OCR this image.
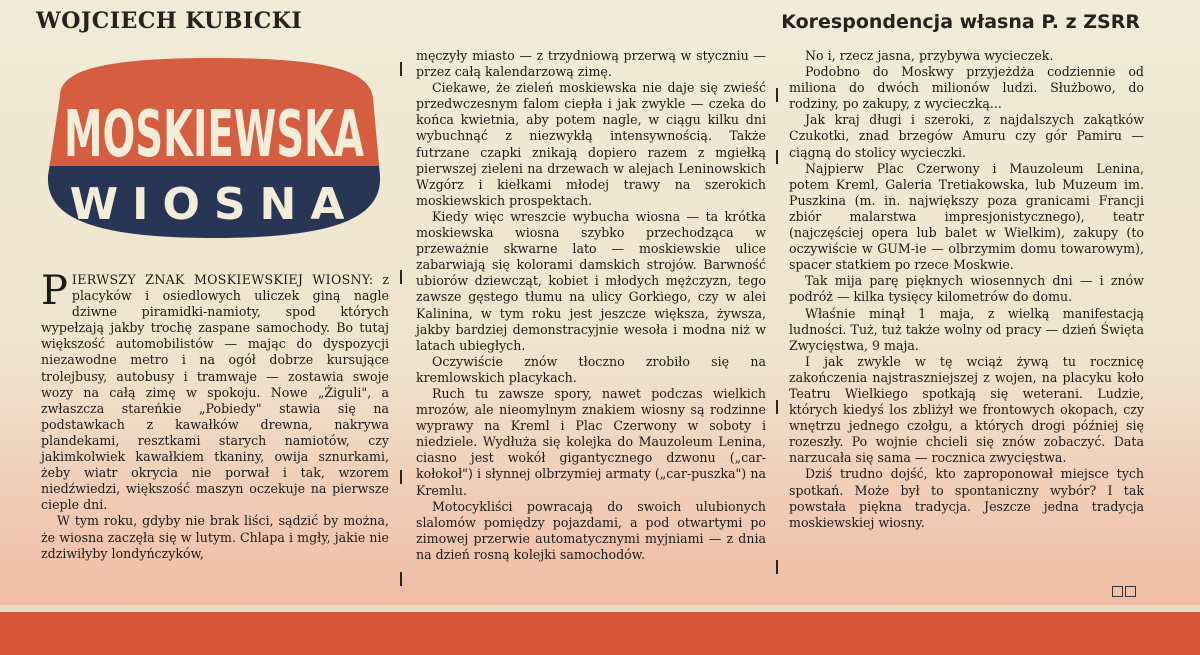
WOJCIECH KUBICKI	Korespondencja własna P. z ZSRR
MOSKIEWSKA
WIOSNA

PIERWSZY ZNAK MOSKIEWSKIEJ WIOSNY: z placyków i osiedlowych uliczek giną nagle dziwne piramidki-namioty, spod których wypełzają jakby trochę zaspane samochody. Bo tutaj większość automobilistów — mając do dyspozycji niezawodne metro i na ogół dobrze kursujące trolejbusy, autobusy i tramwaje — zostawia swoje wozy na całą zimę w spokoju. Nowe „Żiguli", a zwłaszcza stareńkie „Pobiedy" stawia się na podstawkach z kawałków drewna, nakrywa plandekami, resztkami starych namiotów, czy jakimkolwiek kawałkiem tkaniny, owija sznurkami, żeby wiatr okrycia nie porwał i tak, wzorem niedźwiedzi, większość maszyn oczekuje na pierwsze cieple dni.

W tym roku, gdyby nie brak liści, sądzić by można, że wiosna zaczęła się w lutym. Chlapa i mgły, jakie nie zdziwiłyby londyńczyków,

męczyły miasto — z trzydniową przerwą w styczniu — przez całą kalendarzową zimę.

Ciekawe, że zieleń moskiewska nie daje się zwieść przedwczesnym falom ciepła i jak zwykle — czeka do końca kwietnia, aby potem nagle, w ciągu kilku dni wybuchnąć z niezwykłą intensywnością. Także futrzane czapki znikają dopiero razem z mgiełką pierwszej zieleni na drzewach w alejach Leninowskich Wzgórz i kiełkami młodej trawy na szerokich moskiewskich prospektach.

Kiedy więc wreszcie wybucha wiosna — ta krótka moskiewska wiosna szybko przechodząca w przeważnie skwarne lato — moskiewskie ulice zabarwiają się kolorami damskich strojów. Barwność ubiorów dziewcząt, kobiet i młodych mężczyzn, tego zawsze gęstego tłumu na ulicy Gorkiego, czy w alei Kalinina, w tym roku jest jeszcze większa, żywsza, jakby bardziej demonstracyjnie wesoła i modna niż w latach ubiegłych.

Oczywiście znów tłoczno zrobiło się na kremlowskich placykach.

Ruch tu zawsze spory, nawet podczas wielkich mrozów, ale nieomylnym znakiem wiosny są rodzinne wyprawy na Kreml i Plac Czerwony w soboty i niedziele. Wydłuża się kolejka do Mauzoleum Lenina, ciasno jest wokół gigantycznego dzwonu („car-kołokoł") i słynnej olbrzymiej armaty („car-puszka") na Kremlu.

Motocykliści powracają do swoich ulubionych slalomów pomiędzy pojazdami, a pod otwartymi po zimowej przerwie automatycznymi myjniami — z dnia na dzień rosną kolejki samochodów.

No i, rzecz jasna, przybywa wycieczek.

Podobno do Moskwy przyjeżdża codziennie od miliona do dwóch milionów ludzi. Służbowo, do rodziny, po zakupy, z wycieczką...

Jak kraj długi i szeroki, z najdalszych zakątków Czukotki, znad brzegów Amuru czy gór Pamiru — ciągną do stolicy wycieczki.

Najpierw Plac Czerwony i Mauzoleum Lenina, potem Kreml, Galeria Tretiakowska, lub Muzeum im. Puszkina (m. in. największy poza granicami Francji zbiór malarstwa impresjonistycznego), teatr (najczęściej opera lub balet w Wielkim), zakupy (to oczywiście w GUM-ie — olbrzymim domu towarowym), spacer statkiem po rzece Moskwie.

Tak mija parę pięknych wiosennych dni — i znów podróż — kilka tysięcy kilometrów do domu.

Właśnie minął 1 maja, z wielką manifestacją ludności. Tuż, tuż także wolny od pracy — dzień Święta Zwycięstwa, 9 maja.

I jak zwykle w tę wciąż żywą tu rocznicę zakończenia najstraszniejszej z wojen, na placyku koło Teatru Wielkiego spotkają się weterani. Ludzie, których kiedyś los zbliżył we frontowych okopach, czy wnętrzu jednego czołgu, a których drogi później się rozeszły. Po wojnie chcieli się znów zobaczyć. Data narzucała się sama — rocznica zwycięstwa.

Dziś trudno dojść, kto zaproponował miejsce tych spotkań. Może był to spontaniczny wybór? I tak powstała piękna tradycja. Jeszcze jedna tradycja moskiewskiej wiosny.
